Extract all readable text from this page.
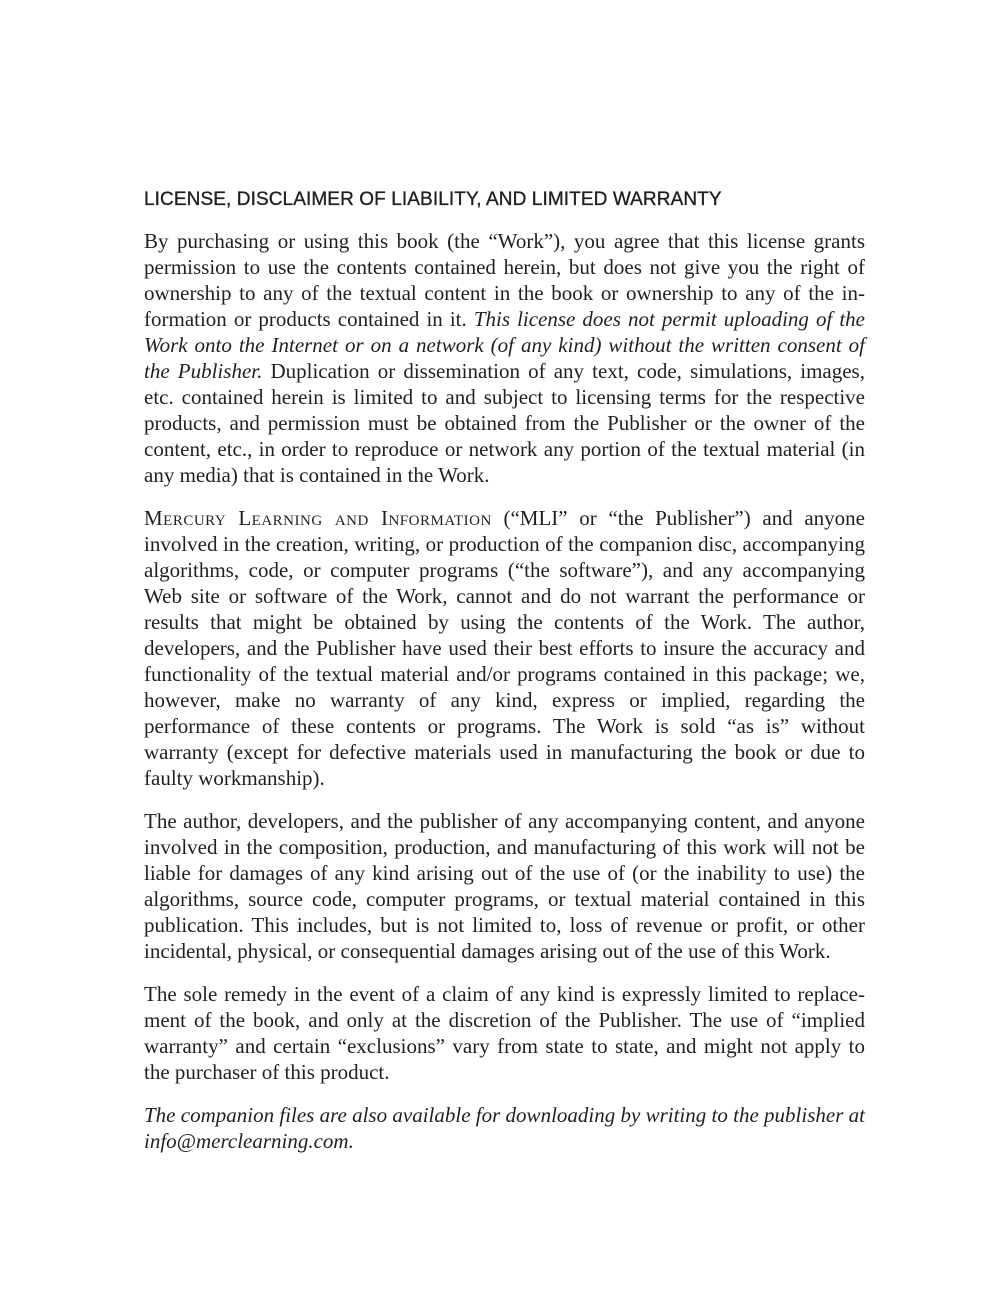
LICENSE, DISCLAIMER OF LIABILITY, AND LIMITED WARRANTY

By purchasing or using this book (the “Work”), you agree that this license grants permission to use the contents contained herein, but does not give you the right of ownership to any of the textual content in the book or ownership to any of the information or products contained in it. This license does not permit uploading of the Work onto the Internet or on a network (of any kind) without the written consent of the Publisher. Duplication or dissemination of any text, code, simulations, images, etc. contained herein is limited to and subject to licensing terms for the respective products, and permission must be obtained from the Publisher or the owner of the content, etc., in order to reproduce or network any portion of the textual material (in any media) that is contained in the Work.

Mercury Learning and Information (“MLI” or “the Publisher”) and anyone involved in the creation, writing, or production of the companion disc, accompanying algorithms, code, or computer programs (“the software”), and any accompanying Web site or software of the Work, cannot and do not warrant the performance or results that might be obtained by using the contents of the Work. The author, developers, and the Publisher have used their best efforts to insure the accuracy and functionality of the textual material and/or programs contained in this package; we, however, make no warranty of any kind, express or implied, regarding the performance of these contents or programs. The Work is sold “as is” without warranty (except for defective materials used in manufacturing the book or due to faulty workmanship).

The author, developers, and the publisher of any accompanying content, and anyone involved in the composition, production, and manufacturing of this work will not be liable for damages of any kind arising out of the use of (or the inability to use) the algorithms, source code, computer programs, or textual material contained in this publication. This includes, but is not limited to, loss of revenue or profit, or other incidental, physical, or consequential damages arising out of the use of this Work.

The sole remedy in the event of a claim of any kind is expressly limited to replacement of the book, and only at the discretion of the Publisher. The use of “implied warranty” and certain “exclusions” vary from state to state, and might not apply to the purchaser of this product.

The companion files are also available for downloading by writing to the publisher at info@merclearning.com.
